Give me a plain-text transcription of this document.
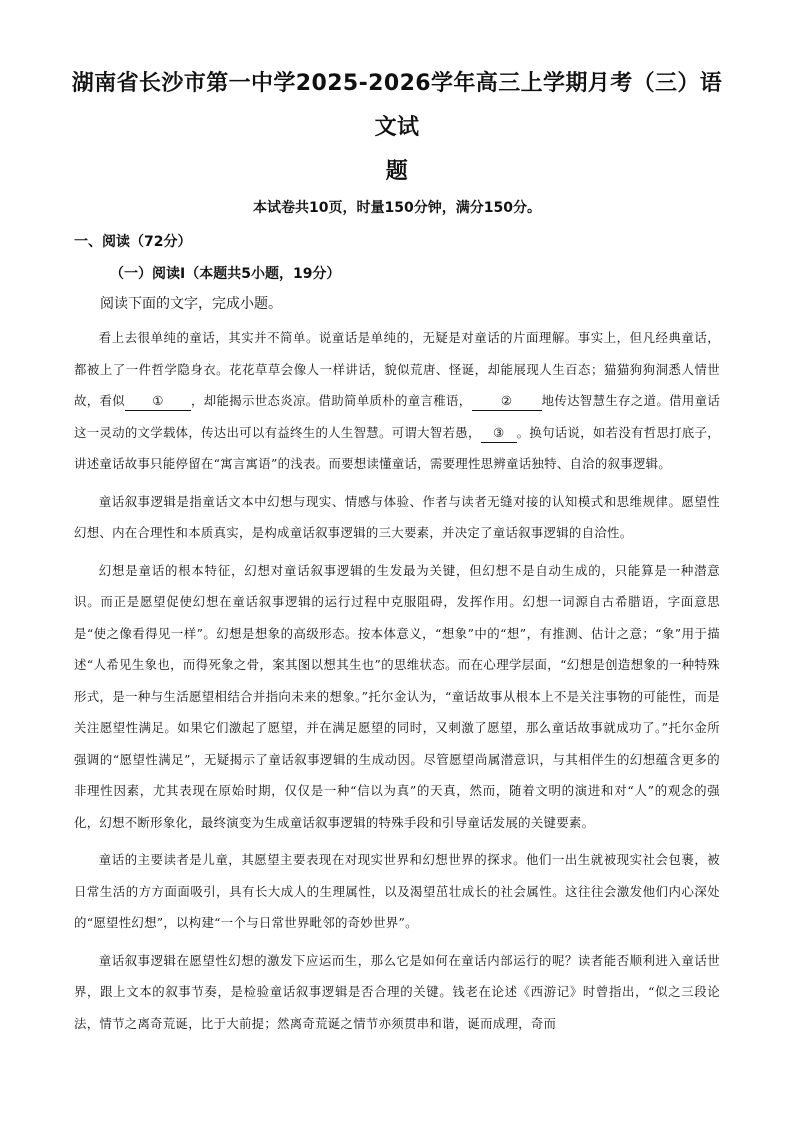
湖南省长沙市第一中学2025-2026学年高三上学期月考（三）语文试
题
本试卷共10页，时量150分钟，满分150分。
一、阅读（72分）
（一）阅读Ⅰ（本题共5小题，19分）
阅读下面的文字，完成小题。

看上去很单纯的童话，其实并不简单。说童话是单纯的，无疑是对童话的片面理解。事实上，但凡经典童话，都被上了一件哲学隐身衣。花花草草会像人一样讲话，貌似荒唐、怪诞，却能展现人生百态；猫猫狗狗洞悉人情世故，看似 ① ，却能揭示世态炎凉。借助简单质朴的童言稚语， ② 地传达智慧生存之道。借用童话这一灵动的文学载体，传达出可以有益终生的人生智慧。可谓大智若愚， ③ 。换句话说，如若没有哲思打底子，讲述童话故事只能停留在“寓言寓语”的浅表。而要想读懂童话，需要理性思辨童话独特、自洽的叙事逻辑。

童话叙事逻辑是指童话文本中幻想与现实、情感与体验、作者与读者无缝对接的认知模式和思维规律。愿望性幻想、内在合理性和本质真实，是构成童话叙事逻辑的三大要素，并决定了童话叙事逻辑的自洽性。

幻想是童话的根本特征，幻想对童话叙事逻辑的生发最为关键，但幻想不是自动生成的，只能算是一种潜意识。而正是愿望促使幻想在童话叙事逻辑的运行过程中克服阻碍，发挥作用。幻想一词源自古希腊语，字面意思是“使之像看得见一样”。幻想是想象的高级形态。按本体意义，“想象”中的“想”，有推测、估计之意；“象”用于描述“人希见生象也，而得死象之骨，案其图以想其生也”的思维状态。而在心理学层面，“幻想是创造想象的一种特殊形式，是一种与生活愿望相结合并指向未来的想象。”托尔金认为，“童话故事从根本上不是关注事物的可能性，而是关注愿望性满足。如果它们激起了愿望，并在满足愿望的同时，又刺激了愿望，那么童话故事就成功了。”托尔金所强调的“愿望性满足”，无疑揭示了童话叙事逻辑的生成动因。尽管愿望尚属潜意识，与其相伴生的幻想蕴含更多的非理性因素，尤其表现在原始时期，仅仅是一种“信以为真”的天真，然而，随着文明的演进和对“人”的观念的强化，幻想不断形象化，最终演变为生成童话叙事逻辑的特殊手段和引导童话发展的关键要素。

童话的主要读者是儿童，其愿望主要表现在对现实世界和幻想世界的探求。他们一出生就被现实社会包裹，被日常生活的方方面面吸引，具有长大成人的生理属性，以及渴望茁壮成长的社会属性。这往往会激发他们内心深处的“愿望性幻想”，以构建“一个与日常世界毗邻的奇妙世界”。

童话叙事逻辑在愿望性幻想的激发下应运而生，那么它是如何在童话内部运行的呢？读者能否顺利进入童话世界，跟上文本的叙事节奏，是检验童话叙事逻辑是否合理的关键。钱老在论述《西游记》时曾指出，“似之三段论法，情节之离奇荒诞，比于大前提；然离奇荒诞之情节亦须贯串和谐，诞而成理，奇而
